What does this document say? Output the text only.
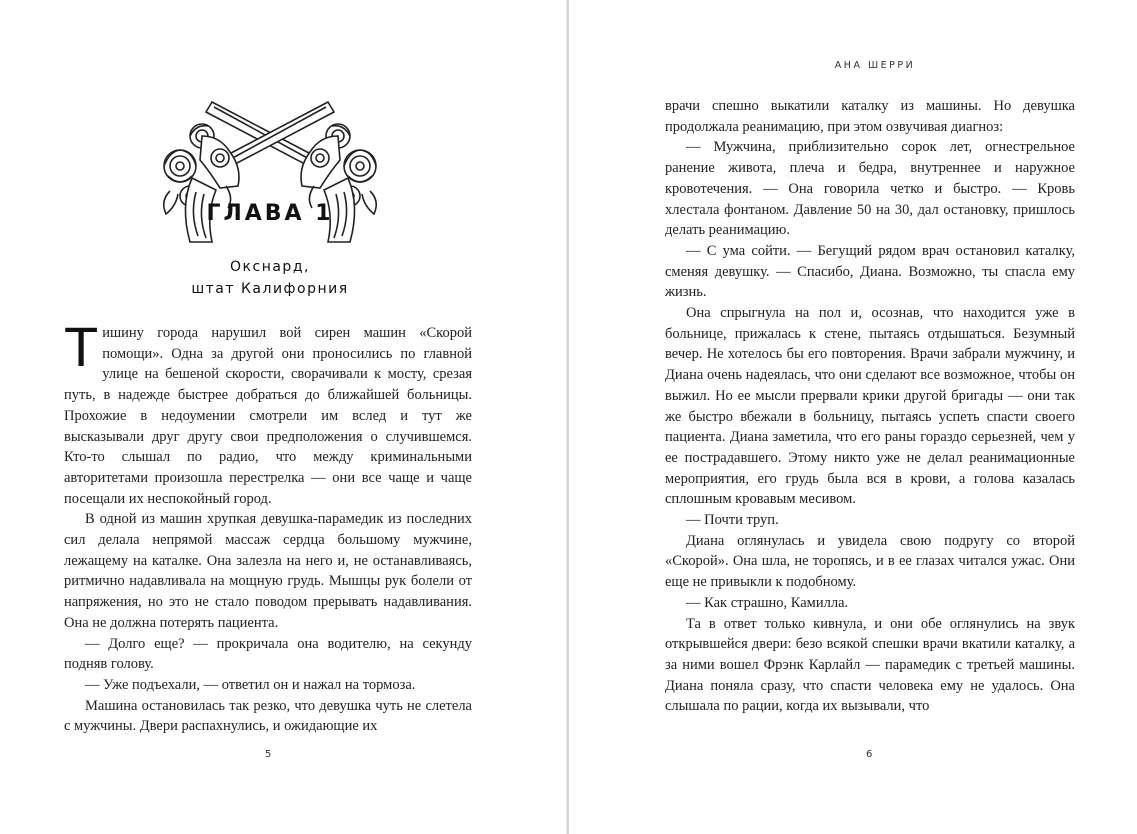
ГЛАВА 1
Окснард,
штат Калифорния

Тишину города нарушил вой сирен машин «Скорой помощи». Одна за другой они проносились по главной улице на бешеной скорости, сворачивали к мосту, срезая путь, в надежде быстрее добраться до ближайшей больницы. Прохожие в недоумении смотрели им вслед и тут же высказывали друг другу свои предположения о случившемся. Кто-то слышал по радио, что между криминальными авторитетами произошла перестрелка — они все чаще и чаще посещали их неспокойный город.

В одной из машин хрупкая девушка-парамедик из последних сил делала непрямой массаж сердца большому мужчине, лежащему на каталке. Она залезла на него и, не останавливаясь, ритмично надавливала на мощную грудь. Мышцы рук болели от напряжения, но это не стало поводом прерывать надавливания. Она не должна потерять пациента.

— Долго еще? — прокричала она водителю, на секунду подняв голову.

— Уже подъехали, — ответил он и нажал на тормоза.

Машина остановилась так резко, что девушка чуть не слетела с мужчины. Двери распахнулись, и ожидающие их

5
АНА ШЕРРИ

врачи спешно выкатили каталку из машины. Но девушка продолжала реанимацию, при этом озвучивая диагноз:

— Мужчина, приблизительно сорок лет, огнестрельное ранение живота, плеча и бедра, внутреннее и наружное кровотечения. — Она говорила четко и быстро. — Кровь хлестала фонтаном. Давление 50 на 30, дал остановку, пришлось делать реанимацию.

— С ума сойти. — Бегущий рядом врач остановил каталку, сменяя девушку. — Спасибо, Диана. Возможно, ты спасла ему жизнь.

Она спрыгнула на пол и, осознав, что находится уже в больнице, прижалась к стене, пытаясь отдышаться. Безумный вечер. Не хотелось бы его повторения. Врачи забрали мужчину, и Диана очень надеялась, что они сделают все возможное, чтобы он выжил. Но ее мысли прервали крики другой бригады — они так же быстро вбежали в больницу, пытаясь успеть спасти своего пациента. Диана заметила, что его раны гораздо серьезней, чем у ее пострадавшего. Этому никто уже не делал реанимационные мероприятия, его грудь была вся в крови, а голова казалась сплошным кровавым месивом.

— Почти труп.

Диана оглянулась и увидела свою подругу со второй «Скорой». Она шла, не торопясь, и в ее глазах читался ужас. Они еще не привыкли к подобному.

— Как страшно, Камилла.

Та в ответ только кивнула, и они обе оглянулись на звук открывшейся двери: безо всякой спешки врачи вкатили каталку, а за ними вошел Фрэнк Карлайл — парамедик с третьей машины. Диана поняла сразу, что спасти человека ему не удалось. Она слышала по рации, когда их вызывали, что

6
